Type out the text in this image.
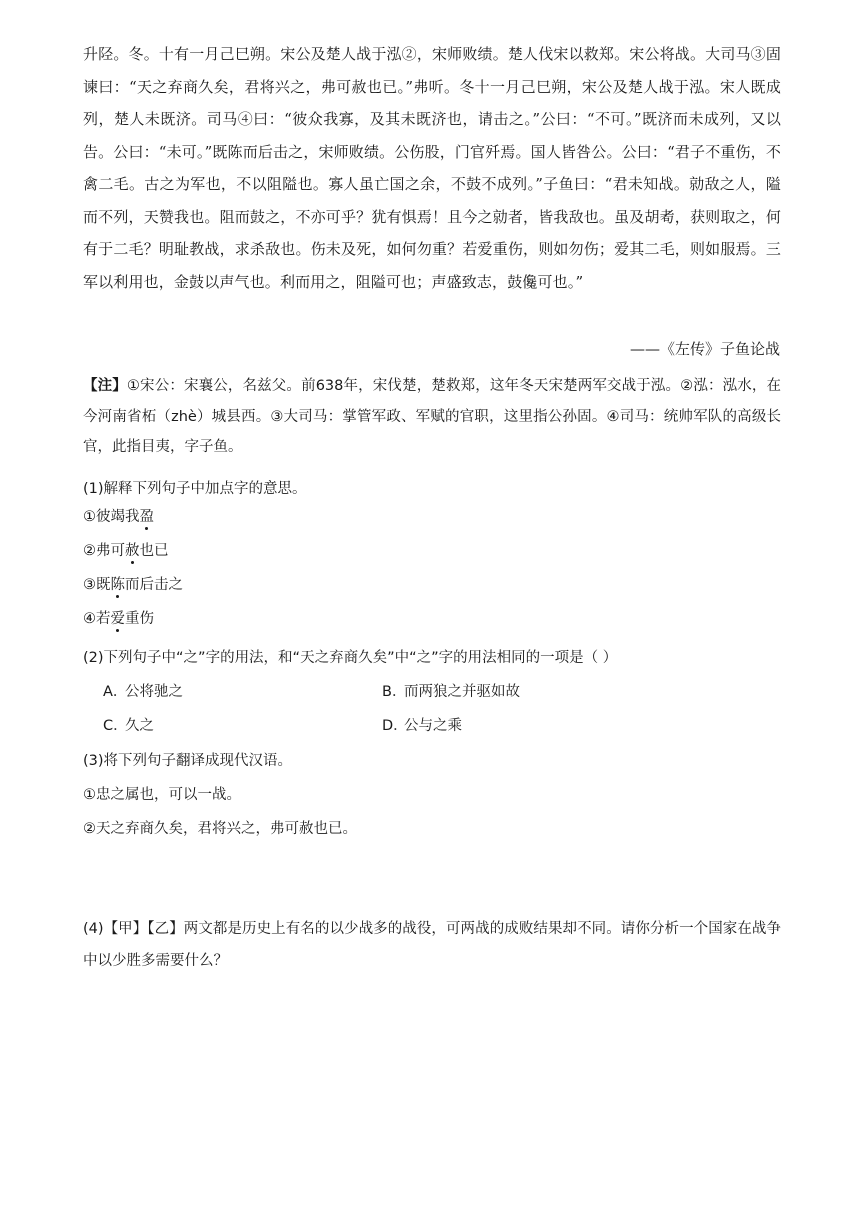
升陉。冬。十有一月己巳朔。宋公及楚人战于泓②，宋师败绩。楚人伐宋以救郑。宋公将战。大司马③固谏曰：“天之弃商久矣，君将兴之，弗可赦也已。”弗听。冬十一月己巳朔，宋公及楚人战于泓。宋人既成列，楚人未既济。司马④曰：“彼众我寡，及其未既济也，请击之。”公曰：“不可。”既济而未成列，又以告。公曰：“未可。”既陈而后击之，宋师败绩。公伤股，门官歼焉。国人皆咎公。公曰：“君子不重伤，不禽二毛。古之为军也，不以阻隘也。寡人虽亡国之余，不鼓不成列。”子鱼曰：“君未知战。勍敌之人，隘而不列，天赞我也。阻而鼓之，不亦可乎？犹有惧焉！且今之勍者，皆我敌也。虽及胡耇，获则取之，何有于二毛？明耻教战，求杀敌也。伤未及死，如何勿重？若爱重伤，则如勿伤；爱其二毛，则如服焉。三军以利用也，金鼓以声气也。利而用之，阻隘可也；声盛致志，鼓儳可也。”

——《左传》子鱼论战
【注】①宋公：宋襄公，名兹父。前638年，宋伐楚，楚救郑，这年冬天宋楚两军交战于泓。②泓：泓水，在今河南省柘（zhè）城县西。③大司马：掌管军政、军赋的官职，这里指公孙固。④司马：统帅军队的高级长官，此指目夷，字子鱼。
(1)解释下列句子中加点字的意思。
①彼竭我盈
②弗可赦也已
③既陈而后击之
④若爱重伤
(2)下列句子中“之”字的用法，和“天之弃商久矣”中“之”字的用法相同的一项是（ ）
A．公将驰之	B．而两狼之并驱如故
C．久之	D．公与之乘
(3)将下列句子翻译成现代汉语。
①忠之属也，可以一战。
②天之弃商久矣，君将兴之，弗可赦也已。
(4)【甲】【乙】两文都是历史上有名的以少战多的战役，可两战的成败结果却不同。请你分析一个国家在战争中以少胜多需要什么？
